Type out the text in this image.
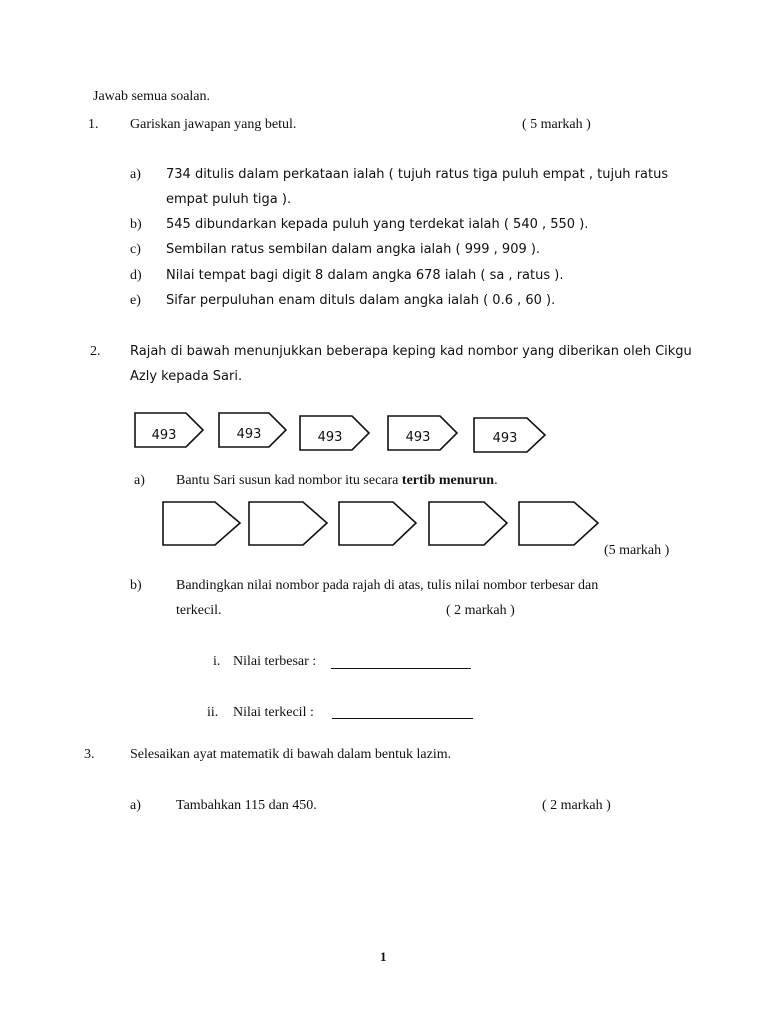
Jawab semua soalan.
1. Gariskan jawapan yang betul.	( 5 markah )
a) 734 ditulis dalam perkataan ialah ( tujuh ratus tiga puluh empat , tujuh ratus
empat puluh tiga ).
b) 545 dibundarkan kepada puluh yang terdekat ialah ( 540 , 550 ).
c) Sembilan ratus sembilan dalam angka ialah ( 999 , 909 ).
d) Nilai tempat bagi digit 8 dalam angka 678 ialah ( sa , ratus ).
e) Sifar perpuluhan enam dituls dalam angka ialah ( 0.6 , 60 ).
2. Rajah di bawah menunjukkan beberapa keping kad nombor yang diberikan oleh Cikgu
Azly kepada Sari.
493	493	493	493	493
a) Bantu Sari susun kad nombor itu secara tertib menurun.
(5 markah )
b) Bandingkan nilai nombor pada rajah di atas, tulis nilai nombor terbesar dan
terkecil.	( 2 markah )
i. Nilai terbesar :
ii. Nilai terkecil :
3.	Selesaikan ayat matematik di bawah dalam bentuk lazim.
a)	Tambahkan 115 dan 450.	( 2 markah )
1
